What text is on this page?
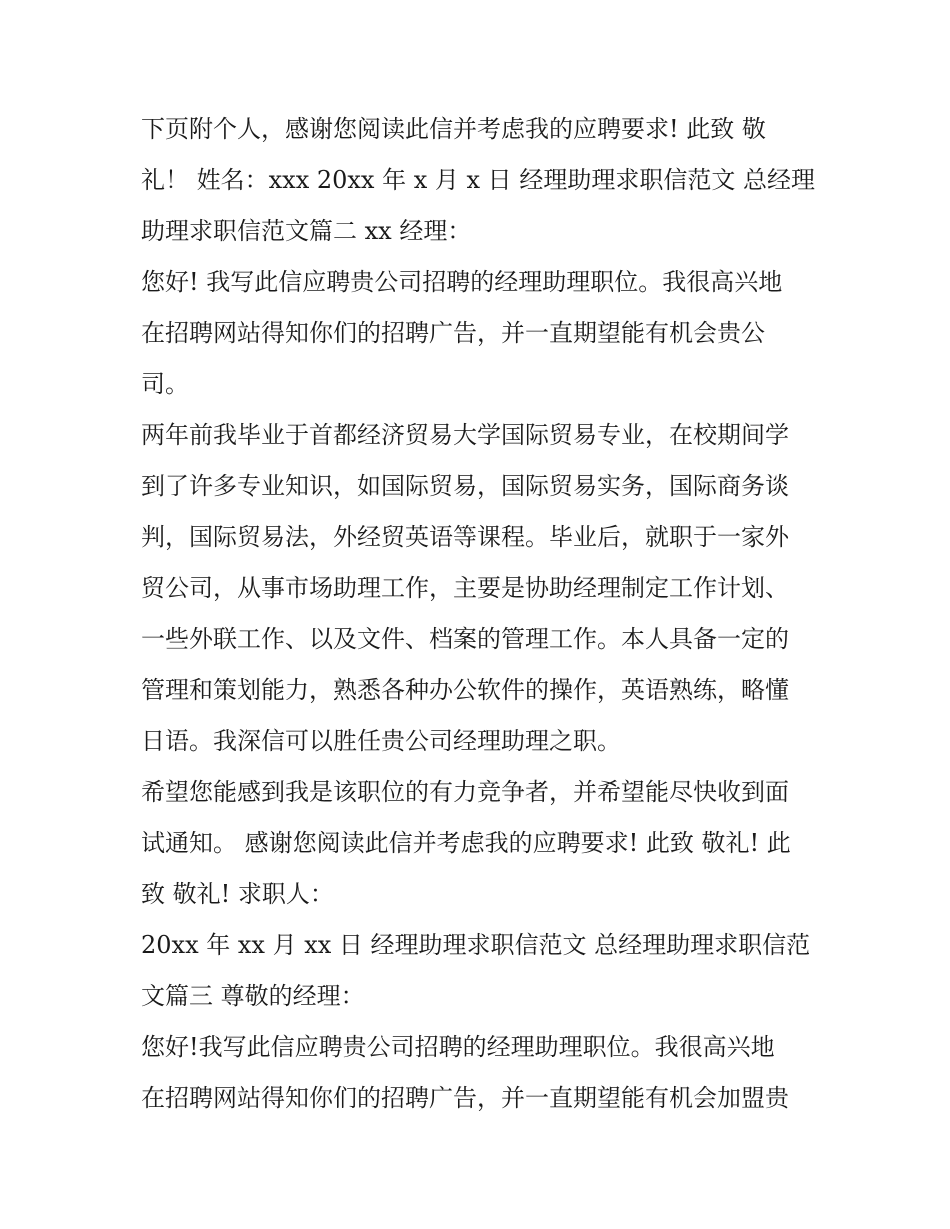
下页附个人，感谢您阅读此信并考虑我的应聘要求! 此致 敬
礼！ 姓名：xxx 20xx 年 x 月 x 日 经理助理求职信范文 总经理
助理求职信范文篇二 xx 经理：
您好! 我写此信应聘贵公司招聘的经理助理职位。我很高兴地
在招聘网站得知你们的招聘广告，并一直期望能有机会贵公
司。
两年前我毕业于首都经济贸易大学国际贸易专业，在校期间学
到了许多专业知识，如国际贸易，国际贸易实务，国际商务谈
判，国际贸易法，外经贸英语等课程。毕业后，就职于一家外
贸公司，从事市场助理工作，主要是协助经理制定工作计划、
一些外联工作、以及文件、档案的管理工作。本人具备一定的
管理和策划能力，熟悉各种办公软件的操作，英语熟练，略懂
日语。我深信可以胜任贵公司经理助理之职。
希望您能感到我是该职位的有力竞争者，并希望能尽快收到面
试通知。 感谢您阅读此信并考虑我的应聘要求! 此致 敬礼! 此
致 敬礼! 求职人：
20xx 年 xx 月 xx 日 经理助理求职信范文 总经理助理求职信范
文篇三 尊敬的经理：
您好!我写此信应聘贵公司招聘的经理助理职位。我很高兴地
在招聘网站得知你们的招聘广告，并一直期望能有机会加盟贵
